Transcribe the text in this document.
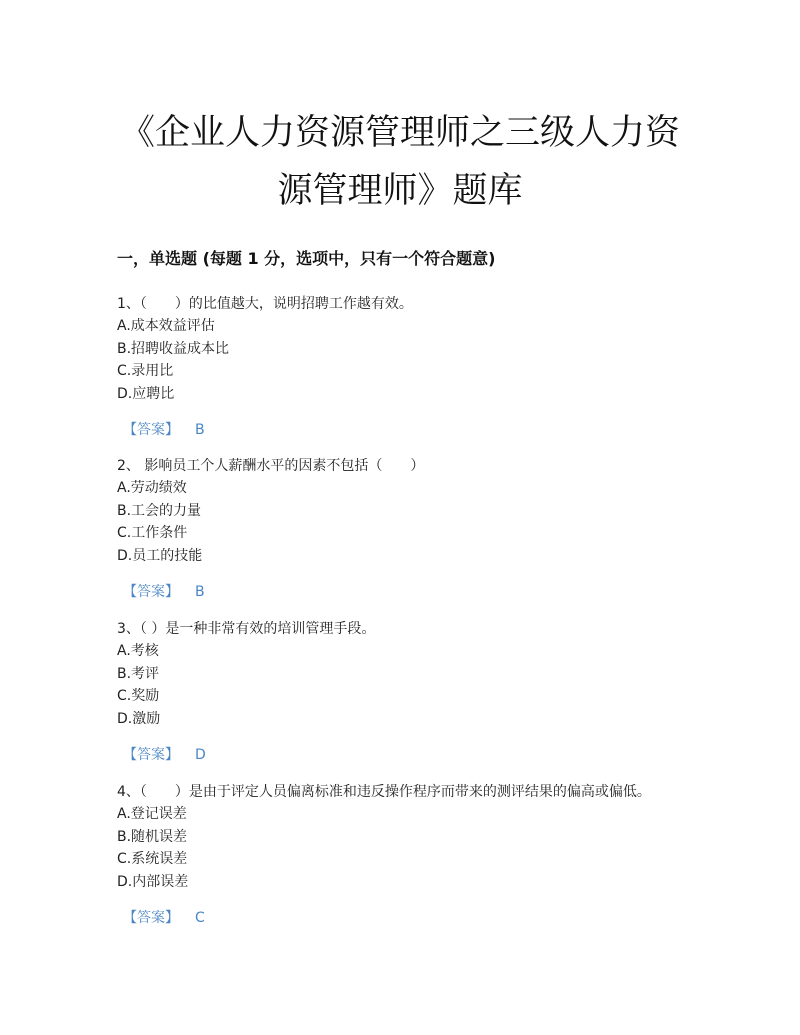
《企业人力资源管理师之三级人力资
源管理师》题库
一，单选题 (每题 1 分，选项中，只有一个符合题意)
1、（　　）的比值越大，说明招聘工作越有效。
A.成本效益评估
B.招聘收益成本比
C.录用比
D.应聘比
【答案】 B
2、 影响员工个人薪酬水平的因素不包括（　　）
A.劳动绩效
B.工会的力量
C.工作条件
D.员工的技能
【答案】 B
3、（ ）是一种非常有效的培训管理手段。
A.考核
B.考评
C.奖励
D.激励
【答案】 D
4、（　　）是由于评定人员偏离标准和违反操作程序而带来的测评结果的偏高或偏低。
A.登记误差
B.随机误差
C.系统误差
D.内部误差
【答案】 C
